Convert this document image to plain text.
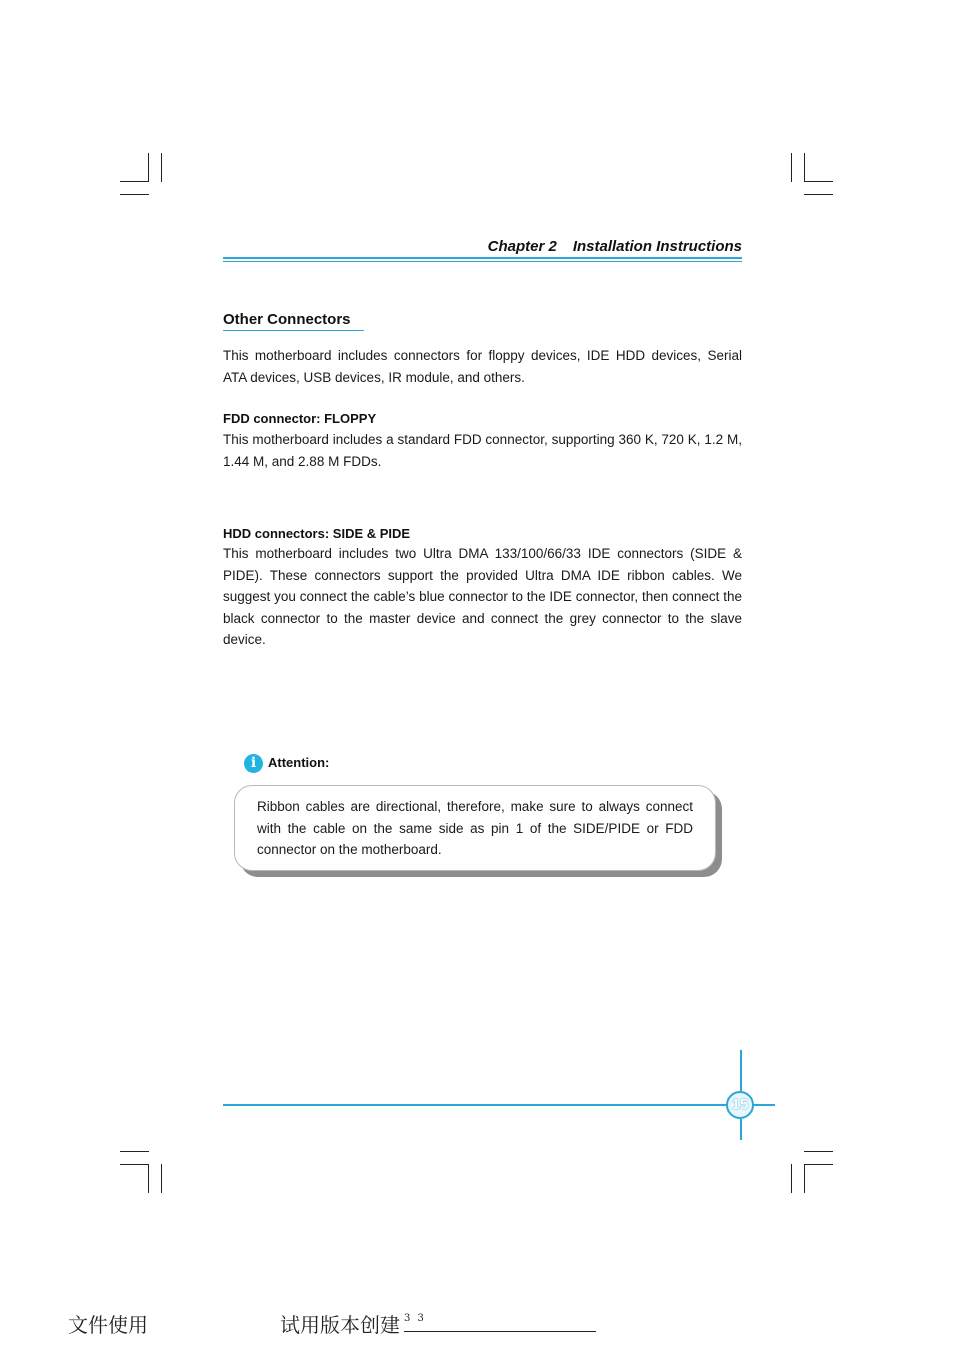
Chapter 2 Installation Instructions
Other Connectors
This motherboard includes connectors for floppy devices, IDE HDD devices, Serial ATA devices, USB devices, IR module, and others.
FDD connector: FLOPPY
This motherboard includes a standard FDD connector, supporting 360 K, 720 K, 1.2 M, 1.44 M, and 2.88 M FDDs.
HDD connectors: SIDE & PIDE
This motherboard includes two Ultra DMA 133/100/66/33 IDE connectors (SIDE & PIDE). These connectors support the provided Ultra DMA IDE ribbon cables. We suggest you connect the cable’s blue connector to the IDE connector, then connect the black connector to the master device and connect the grey connector to the slave device.
i Attention:
Ribbon cables are directional, therefore, make sure to always connect with the cable on the same side as pin 1 of the SIDE/PIDE or FDD connector on the motherboard.
15
文件使用	试用版本创建 3 3
